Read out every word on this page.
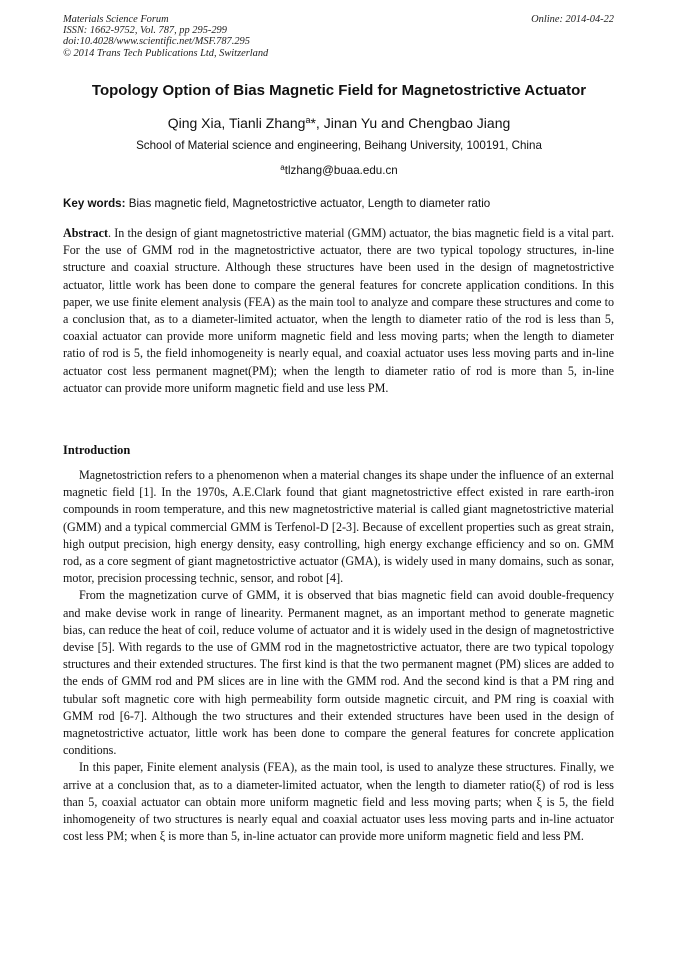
Materials Science Forum
ISSN: 1662-9752, Vol. 787, pp 295-299
doi:10.4028/www.scientific.net/MSF.787.295
© 2014 Trans Tech Publications Ltd, Switzerland
Online: 2014-04-22
Topology Option of Bias Magnetic Field for Magnetostrictive Actuator
Qing Xia, Tianli Zhang$^a$*, Jinan Yu and Chengbao Jiang
School of Material science and engineering, Beihang University, 100191, China
$^a$tlzhang@buaa.edu.cn
Key words: Bias magnetic field, Magnetostrictive actuator, Length to diameter ratio
Abstract. In the design of giant magnetostrictive material (GMM) actuator, the bias magnetic field is a vital part. For the use of GMM rod in the magnetostrictive actuator, there are two typical topology structures, in-line structure and coaxial structure. Although these structures have been used in the design of magnetostrictive actuator, little work has been done to compare the general features for concrete application conditions. In this paper, we use finite element analysis (FEA) as the main tool to analyze and compare these structures and come to a conclusion that, as to a diameter-limited actuator, when the length to diameter ratio of the rod is less than 5, coaxial actuator can provide more uniform magnetic field and less moving parts; when the length to diameter ratio of rod is 5, the field inhomogeneity is nearly equal, and coaxial actuator uses less moving parts and in-line actuator cost less permanent magnet(PM); when the length to diameter ratio of rod is more than 5, in-line actuator can provide more uniform magnetic field and use less PM.
Introduction

Magnetostriction refers to a phenomenon when a material changes its shape under the influence of an external magnetic field [1]. In the 1970s, A.E.Clark found that giant magnetostrictive effect existed in rare earth-iron compounds in room temperature, and this new magnetostrictive material is called giant magnetostrictive material (GMM) and a typical commercial GMM is Terfenol-D [2-3]. Because of excellent properties such as great strain, high output precision, high energy density, easy controlling, high energy exchange efficiency and so on. GMM rod, as a core segment of giant magnetostrictive actuator (GMA), is widely used in many domains, such as sonar, motor, precision processing technic, sensor, and robot [4].

From the magnetization curve of GMM, it is observed that bias magnetic field can avoid double-frequency and make devise work in range of linearity. Permanent magnet, as an important method to generate magnetic bias, can reduce the heat of coil, reduce volume of actuator and it is widely used in the design of magnetostrictive devise [5]. With regards to the use of GMM rod in the magnetostrictive actuator, there are two typical topology structures and their extended structures. The first kind is that the two permanent magnet (PM) slices are added to the ends of GMM rod and PM slices are in line with the GMM rod. And the second kind is that a PM ring and tubular soft magnetic core with high permeability form outside magnetic circuit, and PM ring is coaxial with GMM rod [6-7]. Although the two structures and their extended structures have been used in the design of magnetostrictive actuator, little work has been done to compare the general features for concrete application conditions.

In this paper, Finite element analysis (FEA), as the main tool, is used to analyze these structures. Finally, we arrive at a conclusion that, as to a diameter-limited actuator, when the length to diameter ratio(ξ) of rod is less than 5, coaxial actuator can obtain more uniform magnetic field and less moving parts; when ξ is 5, the field inhomogeneity of two structures is nearly equal and coaxial actuator uses less moving parts and in-line actuator cost less PM; when ξ is more than 5, in-line actuator can provide more uniform magnetic field and less PM.
